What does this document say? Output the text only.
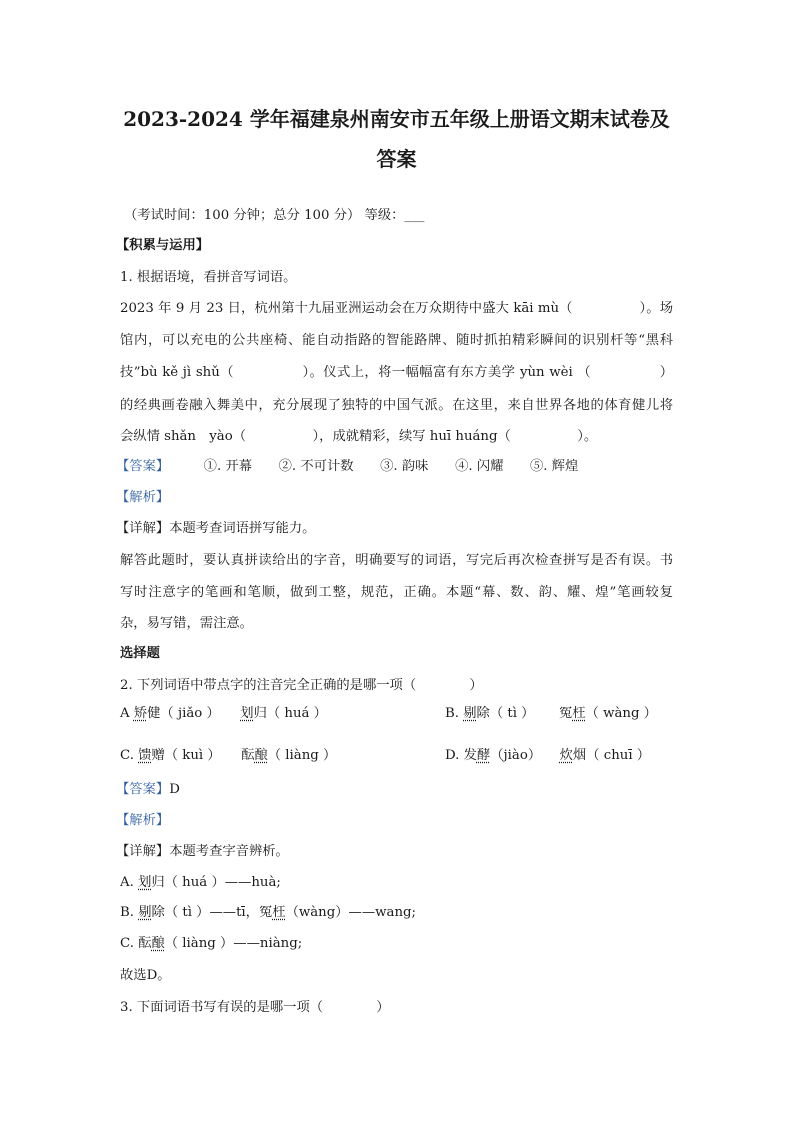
2023-2024 学年福建泉州南安市五年级上册语文期末试卷及
答案
（考试时间：100 分钟；总分 100 分） 等级：___
【积累与运用】
1. 根据语境，看拼音写词语。
2023 年 9 月 23 日，杭州第十九届亚洲运动会在万众期待中盛大 kāi mù（　　　　　）。场
馆内，可以充电的公共座椅、能自动指路的智能路牌、随时抓拍精彩瞬间的识别杆等“黑科
技”bù kě jì shǔ（　　　　　）。仪式上，将一幅幅富有东方美学 yùn wèi （　　　　　）
的经典画卷融入舞美中，充分展现了独特的中国气派。在这里，来自世界各地的体育健儿将
会纵情 shǎn　yào（　　　　　），成就精彩，续写 huī huáng（　　　　　）。
【答案】	①. 开幕　　②. 不可计数　　③. 韵味　　④. 闪耀　　⑤. 辉煌
【解析】
【详解】本题考查词语拼写能力。
解答此题时，要认真拼读给出的字音，明确要写的词语，写完后再次检查拼写是否有误。书
写时注意字的笔画和笔顺，做到工整，规范，正确。本题“幕、数、韵、耀、煌”笔画较复
杂，易写错，需注意。
选择题
2. 下列词语中带点字的注音完全正确的是哪一项（　　　　）
A 矫健（ jiǎo ） 划归（ huá ）	B. 剔除（ tì ） 冤枉（ wàng ）
C. 馈赠（ kuì ） 酝酿（ liàng ）	D. 发酵（jiào） 炊烟（ chuī ）
【答案】D
【解析】
【详解】本题考查字音辨析。
A. 划归（ huá ）——huà;
B. 剔除（ tì ）——tī，冤枉（wàng）——wang;
C. 酝酿（ liàng ）——niàng;
故选D。
3. 下面词语书写有误的是哪一项（　　　　）
